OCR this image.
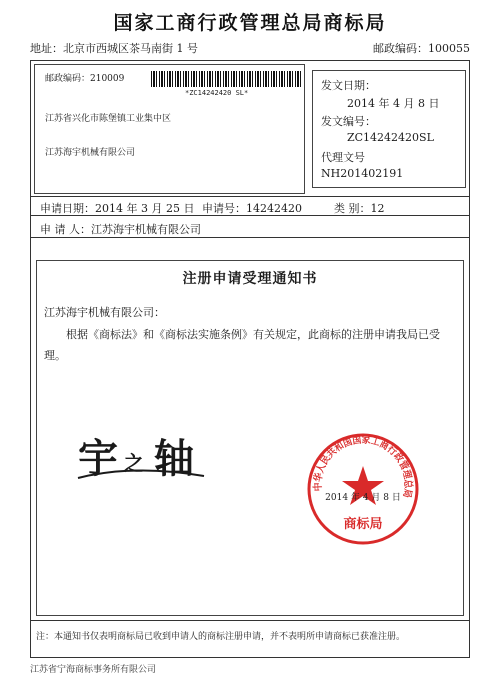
国家工商行政管理总局商标局
地址：北京市西城区茶马南街 1 号	邮政编码：100055
邮政编码：210009
*ZC14242420 SL*
江苏省兴化市陈堡镇工业集中区
江苏海宇机械有限公司
发文日期：
2014 年 4 月 8 日
发文编号：
ZC14242420SL
代理文号
NH201402191
申请日期：2014 年 3 月 25 日 申请号：14242420	类 别：12
申 请 人：江苏海宇机械有限公司
注册申请受理通知书
江苏海宇机械有限公司：
根据《商标法》和《商标法实施条例》有关规定，此商标的注册申请我局已受理。
宇 之 轴
中华人民共和国国家工商行政管理总局
商标局
2014 年 4 月 8 日
注：本通知书仅表明商标局已收到申请人的商标注册申请，并不表明所申请商标已获准注册。
江苏省宁海商标事务所有限公司
